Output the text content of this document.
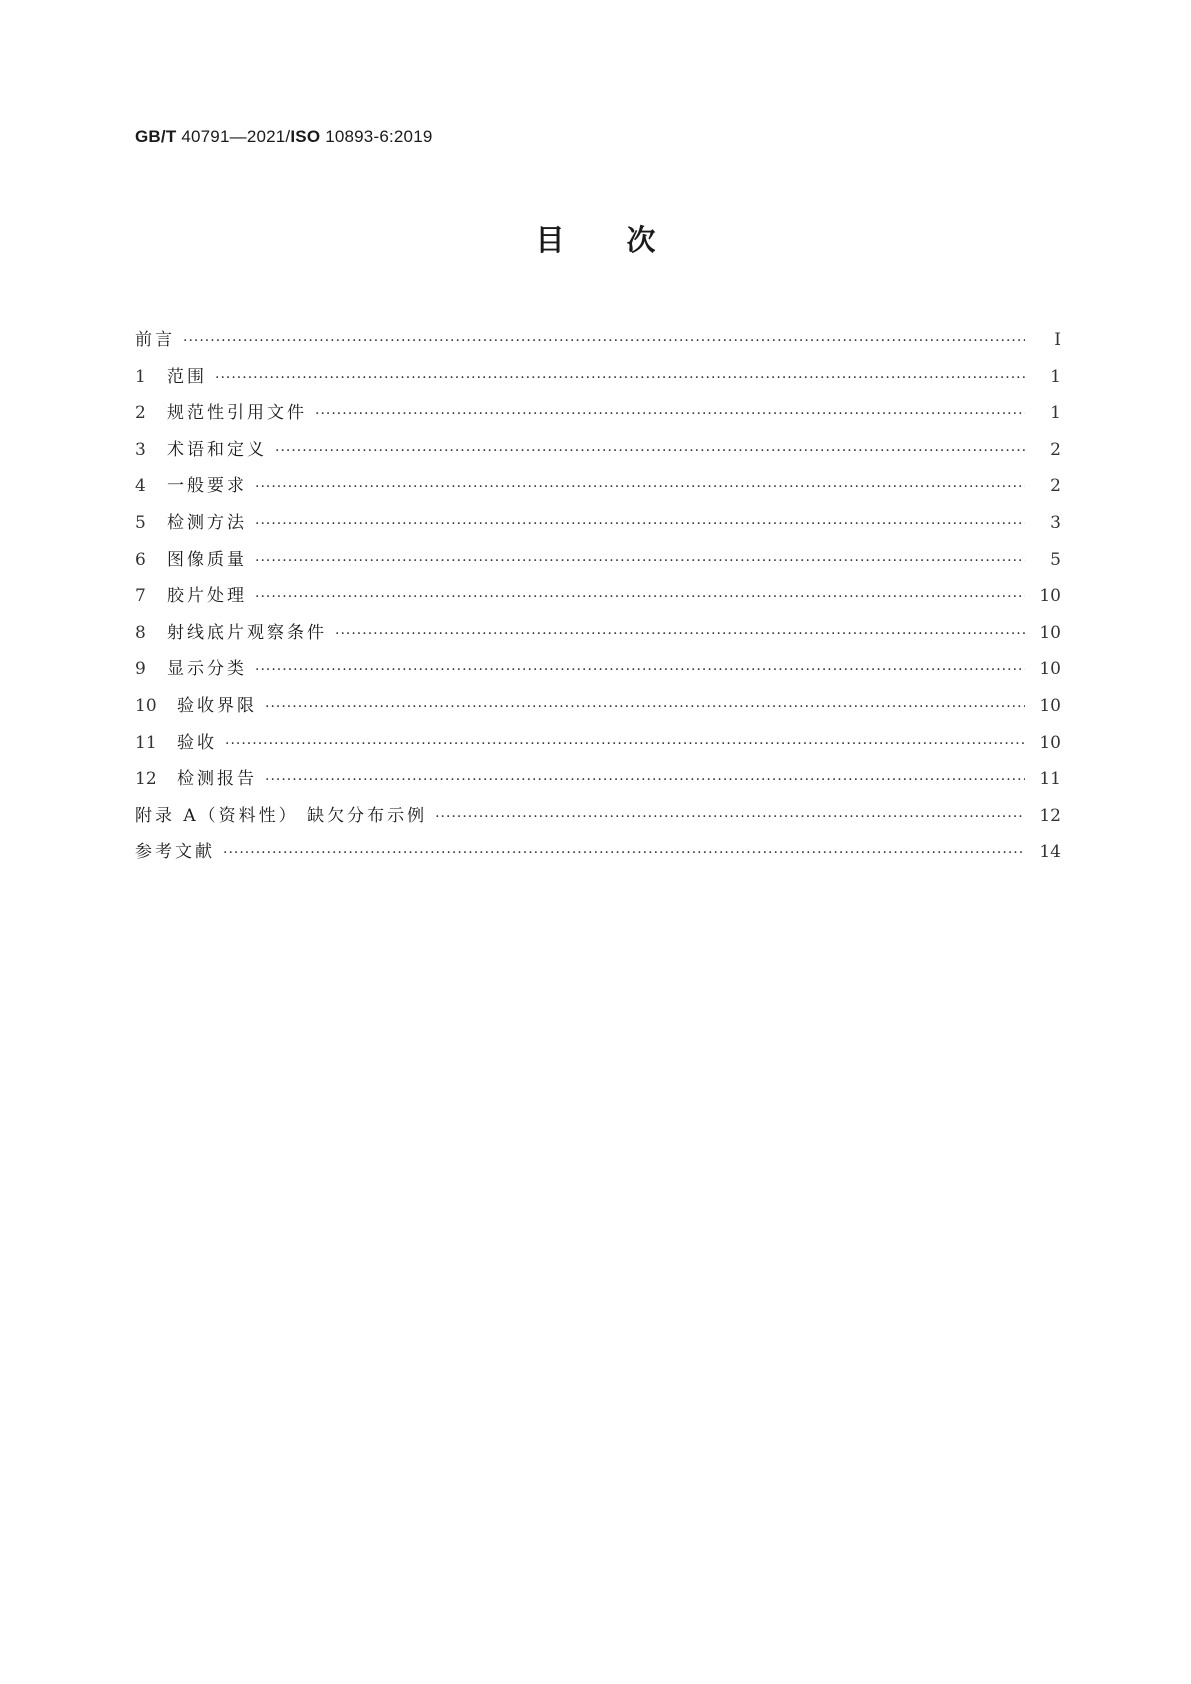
GB/T 40791—2021/ISO 10893-6:2019
目次
前言 ·····	Ⅰ
1	范围 ·····	1
2	规范性引用文件 ·····	1
3	术语和定义 ·····	2
4	一般要求 ·····	2
5	检测方法 ·····	3
6	图像质量 ·····	5
7	胶片处理 ·····	10
8	射线底片观察条件 ·····	10
9	显示分类 ·····	10
10	验收界限 ·····	10
11	验收 ·····	10
12	检测报告 ·····	11
附录 A（资料性） 缺欠分布示例 ·····	12
参考文献 ·····	14
